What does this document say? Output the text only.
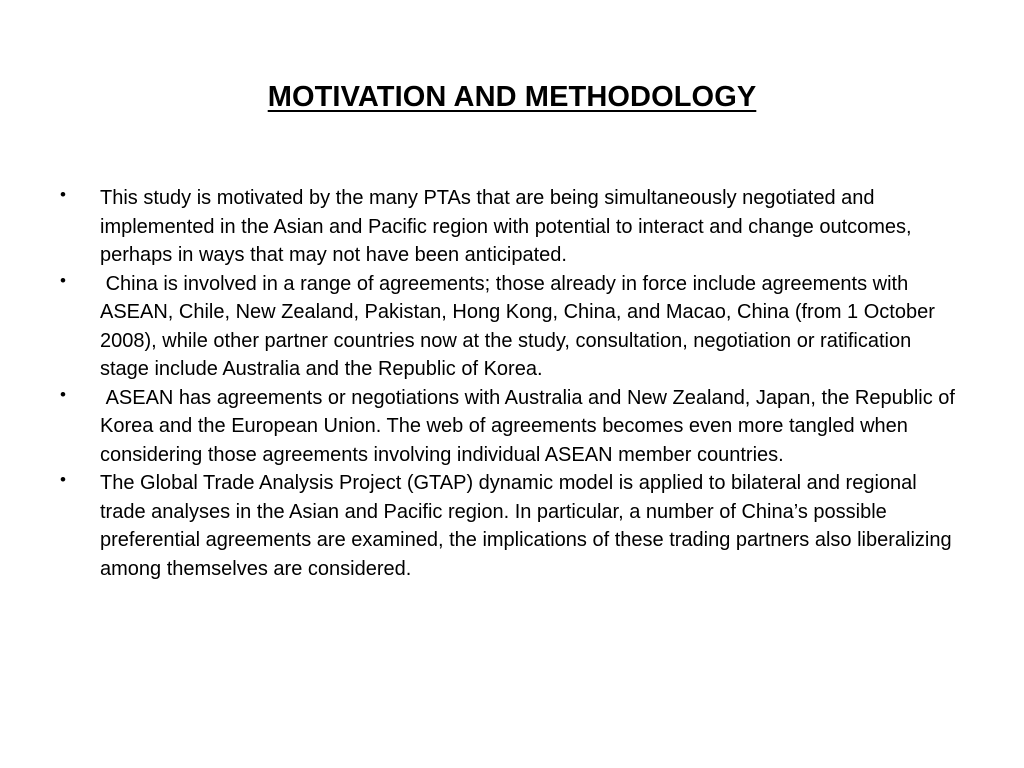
MOTIVATION AND METHODOLOGY
• This study is motivated by the many PTAs that are being simultaneously negotiated and implemented in the Asian and Pacific region with potential to interact and change outcomes, perhaps in ways that may not have been anticipated.
• China is involved in a range of agreements; those already in force include agreements with ASEAN, Chile, New Zealand, Pakistan, Hong Kong, China, and Macao, China (from 1 October 2008), while other partner countries now at the study, consultation, negotiation or ratification stage include Australia and the Republic of Korea.
• ASEAN has agreements or negotiations with Australia and New Zealand, Japan, the Republic of Korea and the European Union. The web of agreements becomes even more tangled when considering those agreements involving individual ASEAN member countries.
• The Global Trade Analysis Project (GTAP) dynamic model is applied to bilateral and regional trade analyses in the Asian and Pacific region. In particular, a number of China’s possible preferential agreements are examined, the implications of these trading partners also liberalizing among themselves are considered.
